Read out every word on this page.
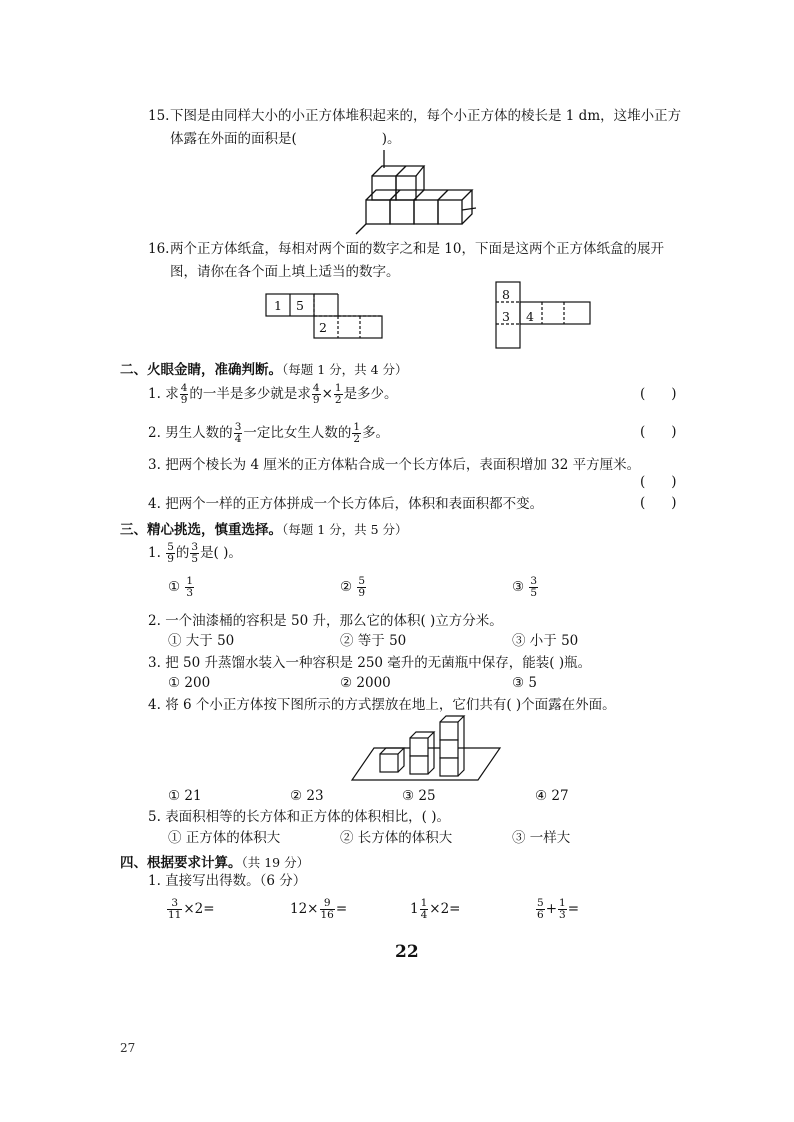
15. 下图是由同样大小的小正方体堆积起来的，每个小正方体的棱长是 1 dm，这堆小正方
体露在外面的面积是(	)。
16. 两个正方体纸盒，每相对两个面的数字之和是 10，下面是这两个正方体纸盒的展开
图，请你在各个面上填上适当的数字。
1 5
2
8
3 4
二、火眼金睛，准确判断。（每题 1 分，共 4 分）
1. 求 $\frac{4}{9}$ 的一半是多少就是求 $\frac{4}{9} \times \frac{1}{2}$ 是多少。	()
2. 男生人数的 $\frac{3}{4}$ 一定比女生人数的 $\frac{1}{2}$ 多。	()
3. 把两个棱长为 4 厘米的正方体粘合成一个长方体后，表面积增加 32 平方厘米。
()
4. 把两个一样的正方体拼成一个长方体后，体积和表面积都不变。	()
三、精心挑选，慎重选择。（每题 1 分，共 5 分）
1. $\frac{5}{9}$ 的 $\frac{3}{5}$ 是( )。
① $\frac{1}{3}$	② $\frac{5}{9}$	③ $\frac{3}{5}$
2. 一个油漆桶的容积是 50 升，那么它的体积( )立方分米。
① 大于 50	② 等于 50	③ 小于 50
3. 把 50 升蒸馏水装入一种容积是 250 毫升的无菌瓶中保存，能装( )瓶。
① 200	② 2000	③ 5
4. 将 6 个小正方体按下图所示的方式摆放在地上，它们共有( )个面露在外面。
① 21	② 23	③ 25	④ 27
5. 表面积相等的长方体和正方体的体积相比，( )。
① 正方体的体积大	② 长方体的体积大	③ 一样大
四、根据要求计算。（共 19 分）
1. 直接写出得数。（6 分）
$\frac{3}{11} \times 2=$	$12\times \frac{9}{16}$ =	$1 \frac{1}{4} \times 2=$	$\frac{5}{6} + \frac{1}{3}$ =
22
27
